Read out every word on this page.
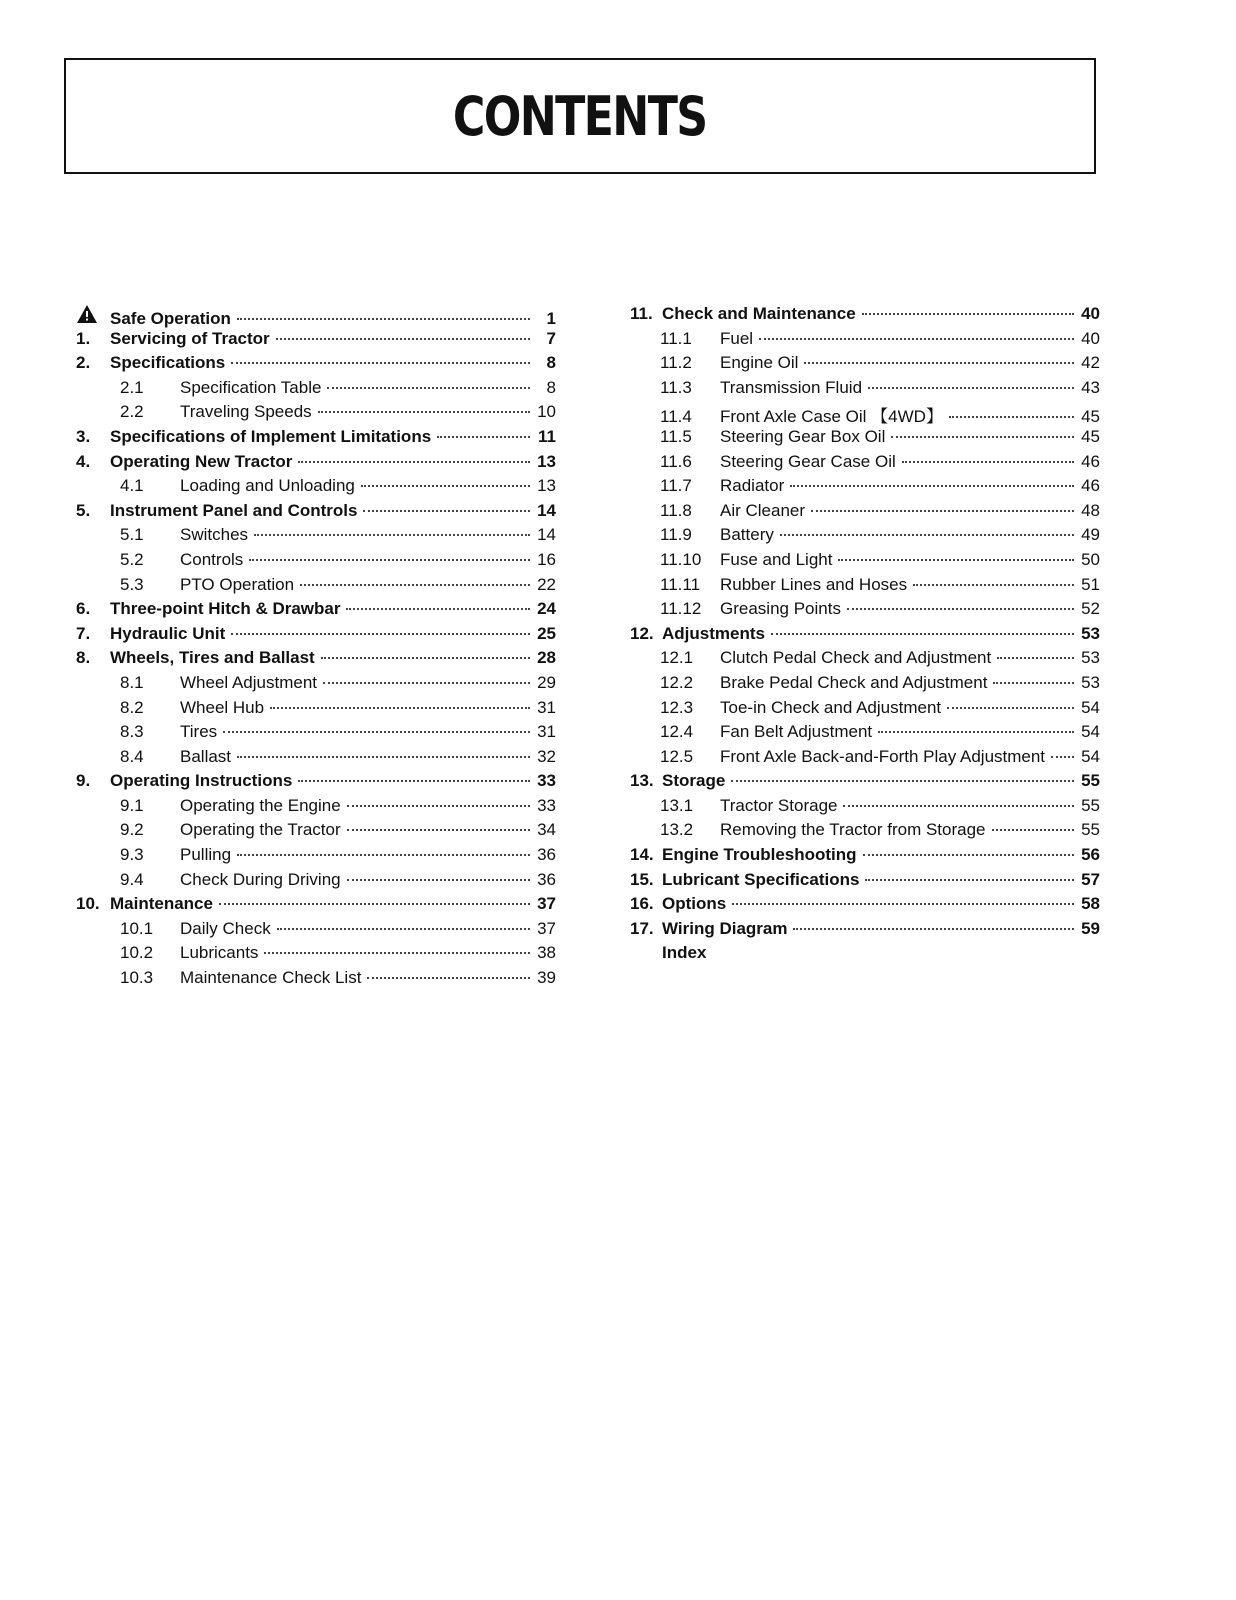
CONTENTS
Safe Operation	1
1.	Servicing of Tractor	7
2.	Specifications	8
2.1	Specification Table	8
2.2	Traveling Speeds	10
3.	Specifications of Implement Limitations	11
4.	Operating New Tractor	13
4.1	Loading and Unloading	13
5.	Instrument Panel and Controls	14
5.1	Switches	14
5.2	Controls	16
5.3	PTO Operation	22
6.	Three-point Hitch & Drawbar	24
7.	Hydraulic Unit	25
8.	Wheels, Tires and Ballast	28
8.1	Wheel Adjustment	29
8.2	Wheel Hub	31
8.3	Tires	31
8.4	Ballast	32
9.	Operating Instructions	33
9.1	Operating the Engine	33
9.2	Operating the Tractor	34
9.3	Pulling	36
9.4	Check During Driving	36
10. Maintenance	37
10.1	Daily Check	37
10.2	Lubricants	38
10.3	Maintenance Check List	39
11. Check and Maintenance	40
11.1	Fuel	40
11.2	Engine Oil	42
11.3	Transmission Fluid	43
11.4	Front Axle Case Oil 【4WD】	45
11.5	Steering Gear Box Oil	45
11.6	Steering Gear Case Oil	46
11.7	Radiator	46
11.8	Air Cleaner	48
11.9	Battery	49
11.10	Fuse and Light	50
11.11	Rubber Lines and Hoses	51
11.12	Greasing Points	52
12. Adjustments	53
12.1	Clutch Pedal Check and Adjustment	53
12.2	Brake Pedal Check and Adjustment	53
12.3	Toe-in Check and Adjustment	54
12.4	Fan Belt Adjustment	54
12.5	Front Axle Back-and-Forth Play Adjustment 54
13. Storage	55
13.1	Tractor Storage	55
13.2	Removing the Tractor from Storage	55
14. Engine Troubleshooting	56
15. Lubricant Specifications	57
16. Options	58
17. Wiring Diagram	59
Index
